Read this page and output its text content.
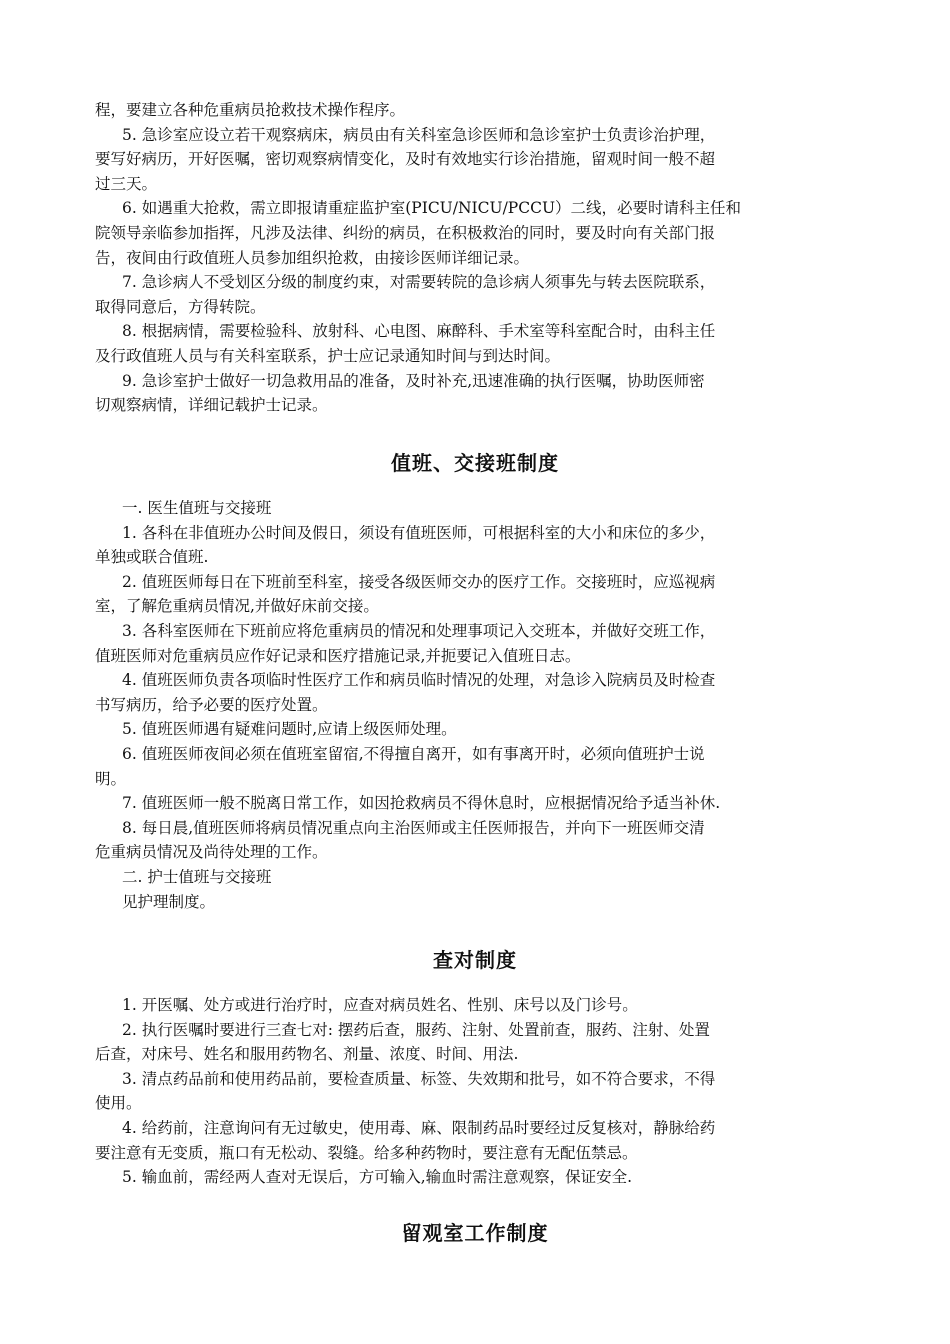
程，要建立各种危重病员抢救技术操作程序。
5. 急诊室应设立若干观察病床，病员由有关科室急诊医师和急诊室护士负责诊治护理，
要写好病历，开好医嘱，密切观察病情变化，及时有效地实行诊治措施，留观时间一般不超
过三天。
6. 如遇重大抢救，需立即报请重症监护室(PICU/NICU/PCCU）二线，必要时请科主任和
院领导亲临参加指挥，凡涉及法律、纠纷的病员，在积极救治的同时，要及时向有关部门报
告，夜间由行政值班人员参加组织抢救，由接诊医师详细记录。
7. 急诊病人不受划区分级的制度约束，对需要转院的急诊病人须事先与转去医院联系，
取得同意后，方得转院。
8. 根据病情，需要检验科、放射科、心电图、麻醉科、手术室等科室配合时，由科主任
及行政值班人员与有关科室联系，护士应记录通知时间与到达时间。
9. 急诊室护士做好一切急救用品的准备，及时补充,迅速准确的执行医嘱，协助医师密
切观察病情，详细记载护士记录。
值班、交接班制度
一. 医生值班与交接班
1. 各科在非值班办公时间及假日，须设有值班医师，可根据科室的大小和床位的多少，
单独或联合值班.
2. 值班医师每日在下班前至科室，接受各级医师交办的医疗工作。交接班时，应巡视病
室，了解危重病员情况,并做好床前交接。
3. 各科室医师在下班前应将危重病员的情况和处理事项记入交班本，并做好交班工作，
值班医师对危重病员应作好记录和医疗措施记录,并扼要记入值班日志。
4. 值班医师负责各项临时性医疗工作和病员临时情况的处理，对急诊入院病员及时检查
书写病历，给予必要的医疗处置。
5. 值班医师遇有疑难问题时,应请上级医师处理。
6. 值班医师夜间必须在值班室留宿,不得擅自离开，如有事离开时，必须向值班护士说
明。
7. 值班医师一般不脱离日常工作，如因抢救病员不得休息时，应根据情况给予适当补休.
8. 每日晨,值班医师将病员情况重点向主治医师或主任医师报告，并向下一班医师交清
危重病员情况及尚待处理的工作。
二. 护士值班与交接班
见护理制度。
查对制度
1. 开医嘱、处方或进行治疗时，应查对病员姓名、性别、床号以及门诊号。
2. 执行医嘱时要进行三查七对: 摆药后查，服药、注射、处置前查，服药、注射、处置
后查，对床号、姓名和服用药物名、剂量、浓度、时间、用法.
3. 清点药品前和使用药品前，要检查质量、标签、失效期和批号，如不符合要求，不得
使用。
4. 给药前，注意询问有无过敏史，使用毒、麻、限制药品时要经过反复核对，静脉给药
要注意有无变质，瓶口有无松动、裂缝。给多种药物时，要注意有无配伍禁忌。
5. 输血前，需经两人查对无误后，方可输入,输血时需注意观察，保证安全.
留观室工作制度
